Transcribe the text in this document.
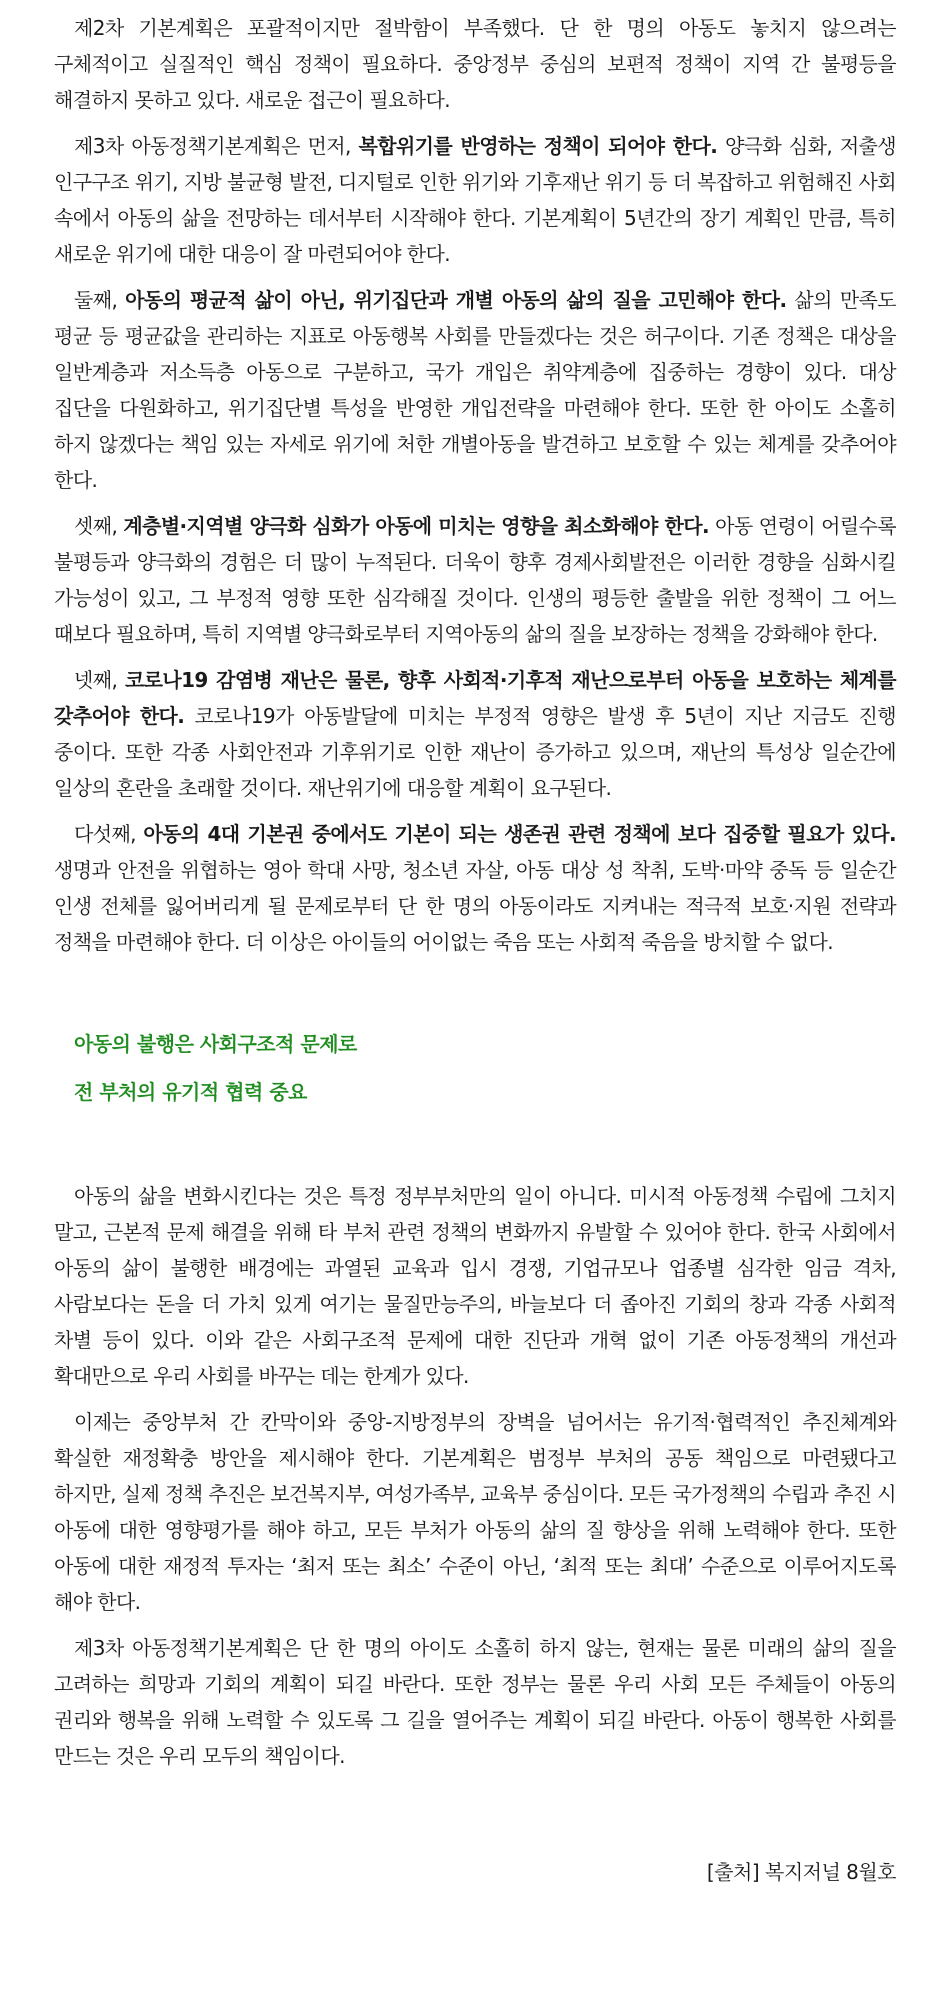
제2차 기본계획은 포괄적이지만 절박함이 부족했다. 단 한 명의 아동도 놓치지 않으려는 구체적이고 실질적인 핵심 정책이 필요하다. 중앙정부 중심의 보편적 정책이 지역 간 불평등을 해결하지 못하고 있다. 새로운 접근이 필요하다.

제3차 아동정책기본계획은 먼저, 복합위기를 반영하는 정책이 되어야 한다. 양극화 심화, 저출생 인구구조 위기, 지방 불균형 발전, 디지털로 인한 위기와 기후재난 위기 등 더 복잡하고 위험해진 사회 속에서 아동의 삶을 전망하는 데서부터 시작해야 한다. 기본계획이 5년간의 장기 계획인 만큼, 특히 새로운 위기에 대한 대응이 잘 마련되어야 한다.

둘째, 아동의 평균적 삶이 아닌, 위기집단과 개별 아동의 삶의 질을 고민해야 한다. 삶의 만족도 평균 등 평균값을 관리하는 지표로 아동행복 사회를 만들겠다는 것은 허구이다. 기존 정책은 대상을 일반계층과 저소득층 아동으로 구분하고, 국가 개입은 취약계층에 집중하는 경향이 있다. 대상 집단을 다원화하고, 위기집단별 특성을 반영한 개입전략을 마련해야 한다. 또한 한 아이도 소홀히 하지 않겠다는 책임 있는 자세로 위기에 처한 개별아동을 발견하고 보호할 수 있는 체계를 갖추어야 한다.

셋째, 계층별·지역별 양극화 심화가 아동에 미치는 영향을 최소화해야 한다. 아동 연령이 어릴수록 불평등과 양극화의 경험은 더 많이 누적된다. 더욱이 향후 경제사회발전은 이러한 경향을 심화시킬 가능성이 있고, 그 부정적 영향 또한 심각해질 것이다. 인생의 평등한 출발을 위한 정책이 그 어느 때보다 필요하며, 특히 지역별 양극화로부터 지역아동의 삶의 질을 보장하는 정책을 강화해야 한다.

넷째, 코로나19 감염병 재난은 물론, 향후 사회적·기후적 재난으로부터 아동을 보호하는 체계를 갖추어야 한다. 코로나19가 아동발달에 미치는 부정적 영향은 발생 후 5년이 지난 지금도 진행 중이다. 또한 각종 사회안전과 기후위기로 인한 재난이 증가하고 있으며, 재난의 특성상 일순간에 일상의 혼란을 초래할 것이다. 재난위기에 대응할 계획이 요구된다.

다섯째, 아동의 4대 기본권 중에서도 기본이 되는 생존권 관련 정책에 보다 집중할 필요가 있다. 생명과 안전을 위협하는 영아 학대 사망, 청소년 자살, 아동 대상 성 착취, 도박·마약 중독 등 일순간 인생 전체를 잃어버리게 될 문제로부터 단 한 명의 아동이라도 지켜내는 적극적 보호·지원 전략과 정책을 마련해야 한다. 더 이상은 아이들의 어이없는 죽음 또는 사회적 죽음을 방치할 수 없다.

아동의 불행은 사회구조적 문제로
전 부처의 유기적 협력 중요

아동의 삶을 변화시킨다는 것은 특정 정부부처만의 일이 아니다. 미시적 아동정책 수립에 그치지 말고, 근본적 문제 해결을 위해 타 부처 관련 정책의 변화까지 유발할 수 있어야 한다. 한국 사회에서 아동의 삶이 불행한 배경에는 과열된 교육과 입시 경쟁, 기업규모나 업종별 심각한 임금 격차, 사람보다는 돈을 더 가치 있게 여기는 물질만능주의, 바늘보다 더 좁아진 기회의 창과 각종 사회적 차별 등이 있다. 이와 같은 사회구조적 문제에 대한 진단과 개혁 없이 기존 아동정책의 개선과 확대만으로 우리 사회를 바꾸는 데는 한계가 있다.

이제는 중앙부처 간 칸막이와 중앙-지방정부의 장벽을 넘어서는 유기적·협력적인 추진체계와 확실한 재정확충 방안을 제시해야 한다. 기본계획은 범정부 부처의 공동 책임으로 마련됐다고 하지만, 실제 정책 추진은 보건복지부, 여성가족부, 교육부 중심이다. 모든 국가정책의 수립과 추진 시 아동에 대한 영향평가를 해야 하고, 모든 부처가 아동의 삶의 질 향상을 위해 노력해야 한다. 또한 아동에 대한 재정적 투자는 ‘최저 또는 최소’ 수준이 아닌, ‘최적 또는 최대’ 수준으로 이루어지도록 해야 한다.

제3차 아동정책기본계획은 단 한 명의 아이도 소홀히 하지 않는, 현재는 물론 미래의 삶의 질을 고려하는 희망과 기회의 계획이 되길 바란다. 또한 정부는 물론 우리 사회 모든 주체들이 아동의 권리와 행복을 위해 노력할 수 있도록 그 길을 열어주는 계획이 되길 바란다. 아동이 행복한 사회를 만드는 것은 우리 모두의 책임이다.

[출처] 복지저널 8월호
